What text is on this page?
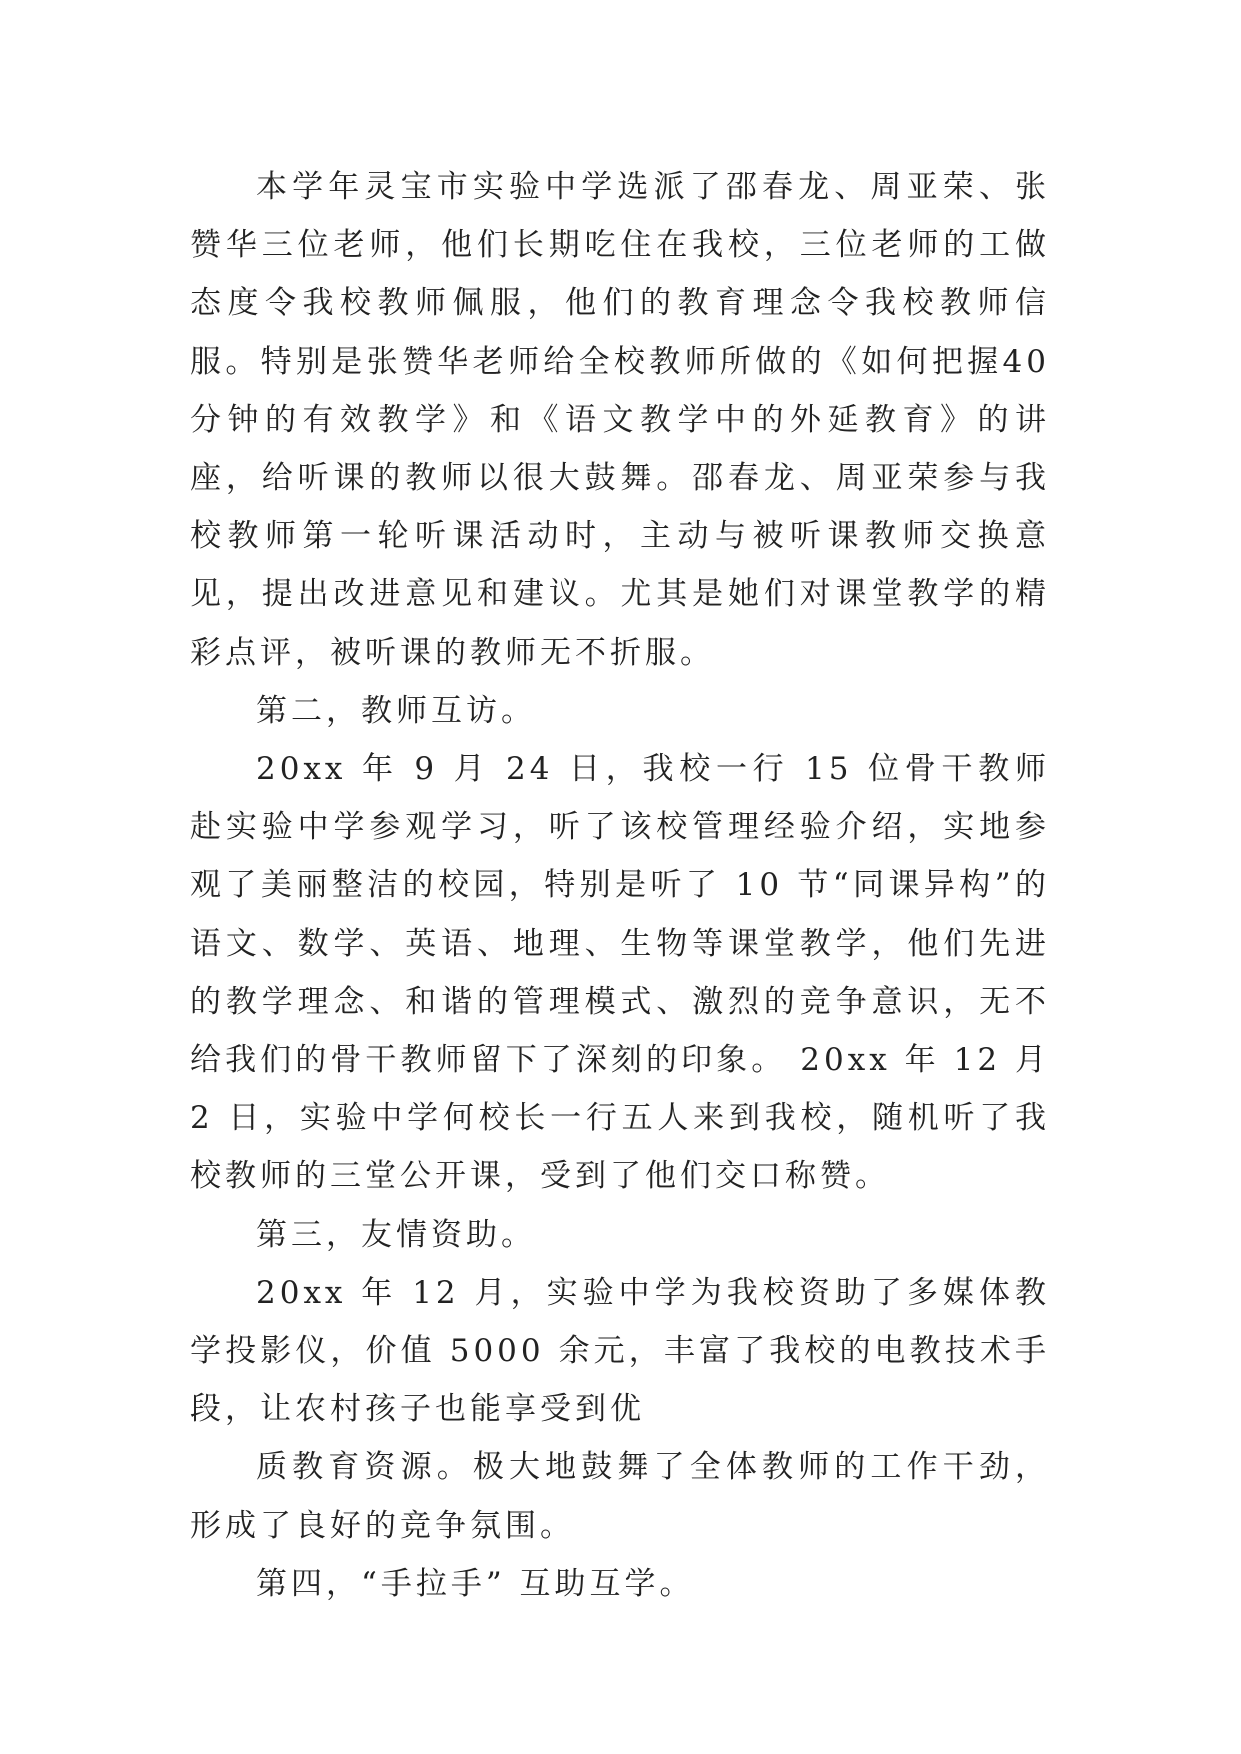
本学年灵宝市实验中学选派了邵春龙、周亚荣、张赞华三位老师，他们长期吃住在我校，三位老师的工做态度令我校教师佩服，他们的教育理念令我校教师信服。特别是张赞华老师给全校教师所做的《如何把握40分钟的有效教学》和《语文教学中的外延教育》的讲座，给听课的教师以很大鼓舞。邵春龙、周亚荣参与我校教师第一轮听课活动时，主动与被听课教师交换意见，提出改进意见和建议。尤其是她们对课堂教学的精彩点评，被听课的教师无不折服。

第二，教师互访。

20xx 年 9 月 24 日，我校一行 15 位骨干教师赴实验中学参观学习，听了该校管理经验介绍，实地参观了美丽整洁的校园，特别是听了 10 节“同课异构”的语文、数学、英语、地理、生物等课堂教学，他们先进的教学理念、和谐的管理模式、激烈的竞争意识，无不给我们的骨干教师留下了深刻的印象。 20xx 年 12 月 2 日，实验中学何校长一行五人来到我校，随机听了我校教师的三堂公开课，受到了他们交口称赞。

第三，友情资助。

20xx 年 12 月，实验中学为我校资助了多媒体教学投影仪，价值 5000 余元，丰富了我校的电教技术手段，让农村孩子也能享受到优

质教育资源。极大地鼓舞了全体教师的工作干劲，形成了良好的竞争氛围。

第四，“手拉手” 互助互学。
